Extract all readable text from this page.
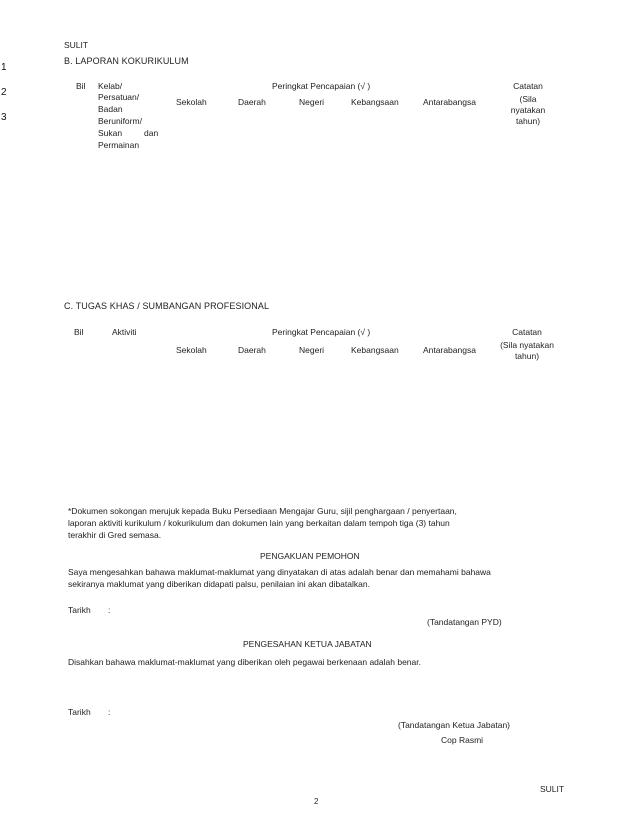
SULIT
1
2
3
B. LAPORAN KOKURIKULUM
Bil Kelab/
Persatuan/
Badan
Beruniform/
Sukan	dan
Permainan
Peringkat Pencapaian (√ )
Sekolah	Daerah	Negeri	Kebangsaan	Antarabangsa
Catatan
(Sila
nyatakan
tahun)
C. TUGAS KHAS / SUMBANGAN PROFESIONAL
Bil	Aktiviti	Peringkat Pencapaian (√ )
Sekolah	Daerah	Negeri	Kebangsaan	Antarabangsa
Catatan
(Sila nyatakan
tahun)
*Dokumen sokongan merujuk kepada Buku Persediaan Mengajar Guru, sijil penghargaan / penyertaan,
laporan aktiviti kurikulum / kokurikulum dan dokumen lain yang berkaitan dalam tempoh tiga (3) tahun
terakhir di Gred semasa.
PENGAKUAN PEMOHON
Saya mengesahkan bahawa maklumat-maklumat yang dinyatakan di atas adalah benar dan memahami bahawa
sekiranya maklumat yang diberikan didapati palsu, penilaian ini akan dibatalkan.
Tarikh :
(Tandatangan PYD)
PENGESAHAN KETUA JABATAN
Disahkan bahawa maklumat-maklumat yang diberikan oleh pegawai berkenaan adalah benar.
Tarikh :
(Tandatangan Ketua Jabatan)
Cop Rasmi
SULIT
2
